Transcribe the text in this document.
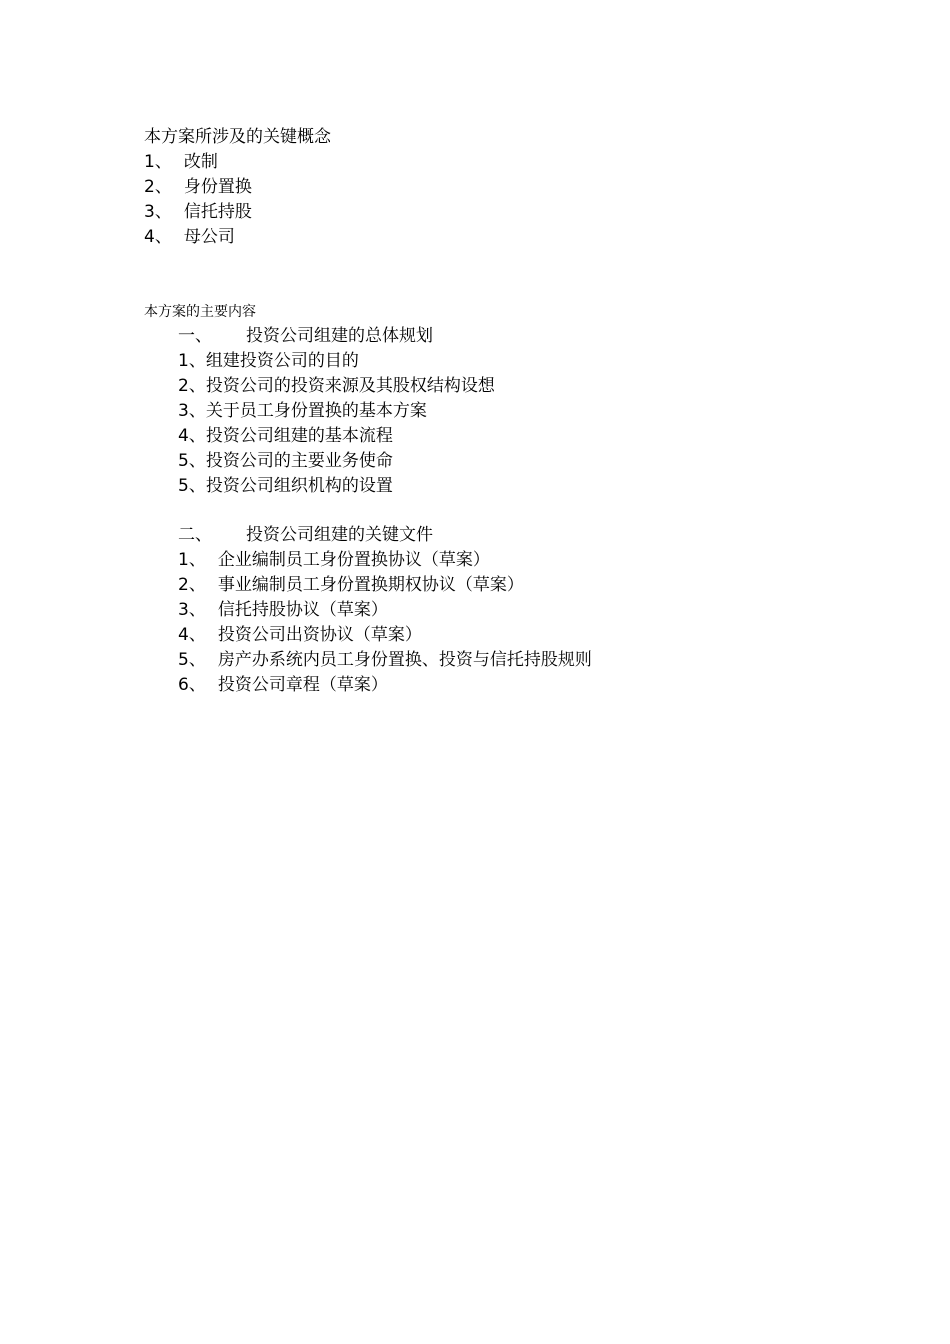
本方案所涉及的关键概念
1、 改制
2、 身份置换
3、 信托持股
4、 母公司
本方案的主要内容
一、 投资公司组建的总体规划
1、组建投资公司的目的
2、投资公司的投资来源及其股权结构设想
3、关于员工身份置换的基本方案
4、投资公司组建的基本流程
5、投资公司的主要业务使命
5、投资公司组织机构的设置
二、 投资公司组建的关键文件
1、 企业编制员工身份置换协议（草案）
2、 事业编制员工身份置换期权协议（草案）
3、 信托持股协议（草案）
4、 投资公司出资协议（草案）
5、 房产办系统内员工身份置换、投资与信托持股规则
6、 投资公司章程（草案）
